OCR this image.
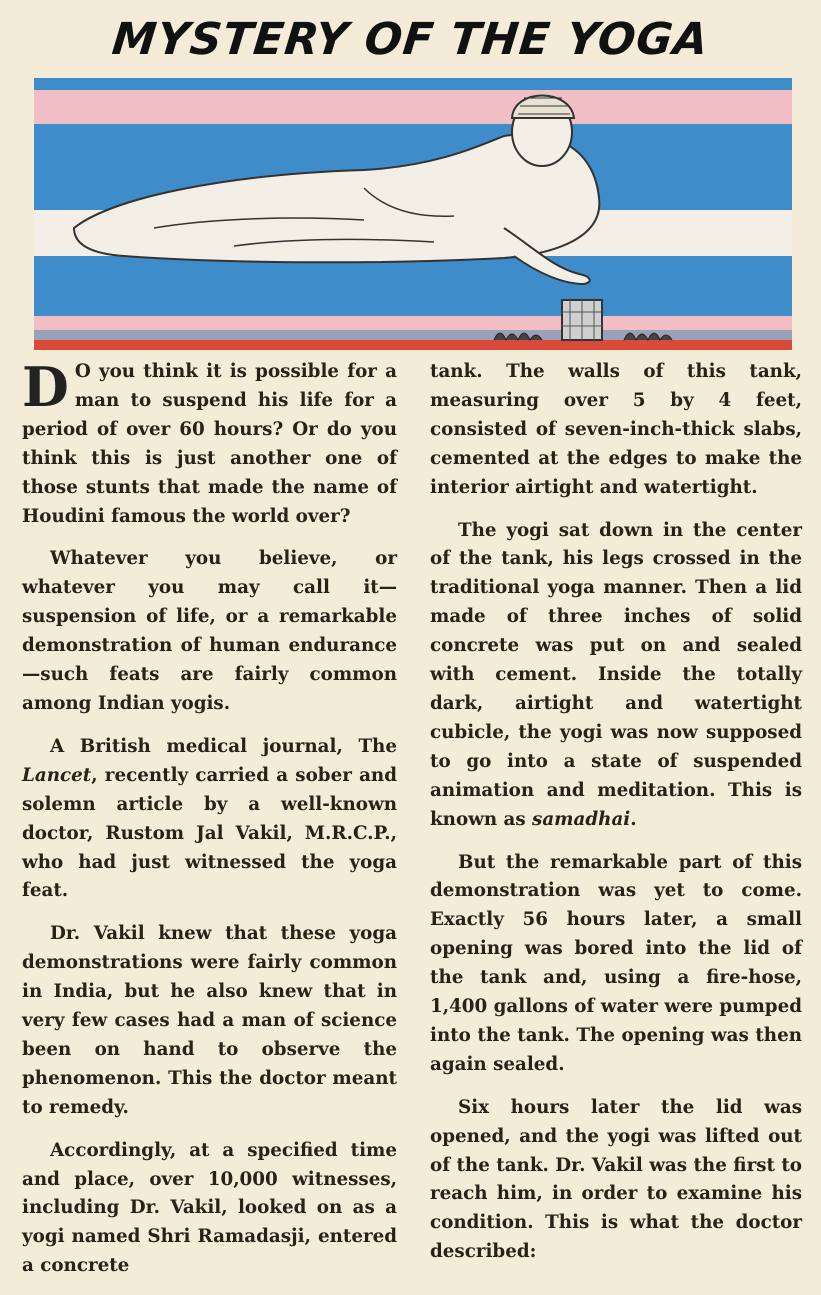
MYSTERY OF THE YOGA

D O you think it is possible for a man to suspend his life for a period of over 60 hours? Or do you think this is just another one of those stunts that made the name of Houdini famous the world over?

Whatever you believe, or whatever you may call it—suspension of life, or a remarkable demonstration of human endurance—such feats are fairly common among Indian yogis.

A British medical journal, The Lancet, recently carried a sober and solemn article by a well-known doctor, Rustom Jal Vakil, M.R.C.P., who had just witnessed the yoga feat.

Dr. Vakil knew that these yoga demonstrations were fairly common in India, but he also knew that in very few cases had a man of science been on hand to observe the phenomenon. This the doctor meant to remedy.

Accordingly, at a specified time and place, over 10,000 witnesses, including Dr. Vakil, looked on as a yogi named Shri Ramadasji, entered a concrete

tank. The walls of this tank, measuring over 5 by 4 feet, consisted of seven-inch-thick slabs, cemented at the edges to make the interior airtight and watertight.

The yogi sat down in the center of the tank, his legs crossed in the traditional yoga manner. Then a lid made of three inches of solid concrete was put on and sealed with cement. Inside the totally dark, airtight and watertight cubicle, the yogi was now supposed to go into a state of suspended animation and meditation. This is known as samadhai.

But the remarkable part of this demonstration was yet to come. Exactly 56 hours later, a small opening was bored into the lid of the tank and, using a fire-hose, 1,400 gallons of water were pumped into the tank. The opening was then again sealed.

Six hours later the lid was opened, and the yogi was lifted out of the tank. Dr. Vakil was the first to reach him, in order to examine his condition. This is what the doctor described:
